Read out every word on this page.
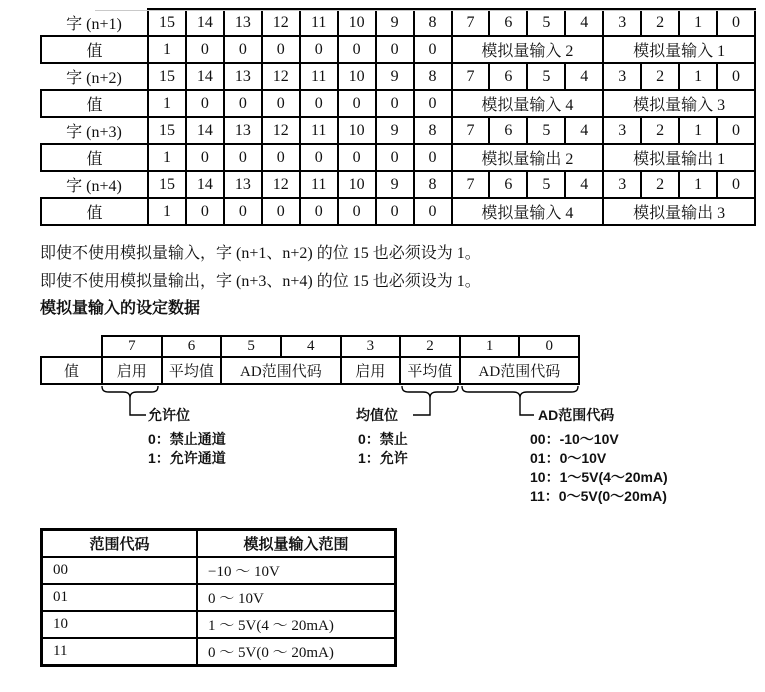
字 (n+1)	15	14	13	12	11	10	9	8	7	6	5	4	3	2	1	0
值	1	0	0	0	0	0	0	0	模拟量输入 2				模拟量输入 1			
字 (n+2)	15	14	13	12	11	10	9	8	7	6	5	4	3	2	1	0
值	1	0	0	0	0	0	0	0	模拟量输入 4				模拟量输入 3			
字 (n+3)	15	14	13	12	11	10	9	8	7	6	5	4	3	2	1	0
值	1	0	0	0	0	0	0	0	模拟量输出 2				模拟量输出 1			
字 (n+4)	15	14	13	12	11	10	9	8	7	6	5	4	3	2	1	0
值	1	0	0	0	0	0	0	0	模拟量输入 4				模拟量输出 3			

即使不使用模拟量输入，字 (n+1、n+2) 的位 15 也必须设为 1。

即使不使用模拟量输出，字 (n+3、n+4) 的位 15 也必须设为 1。

模拟量输入的设定数据
	7	6	5	4	3	2	1	0
值	启用	平均值	AD范围代码		启用	平均值	AD范围代码	
允许位
0：禁止通道
1：允许通道
均值位
0：禁止
1：允许
AD范围代码
00：-10～10V
01：0～10V
10：1～5V(4～20mA)
11：0～5V(0～20mA)
范围代码	模拟量输入范围
00	−10 ～ 10V
01	0 ～ 10V
10	1 ～ 5V(4 ～ 20mA)
11	0 ～ 5V(0 ～ 20mA)
